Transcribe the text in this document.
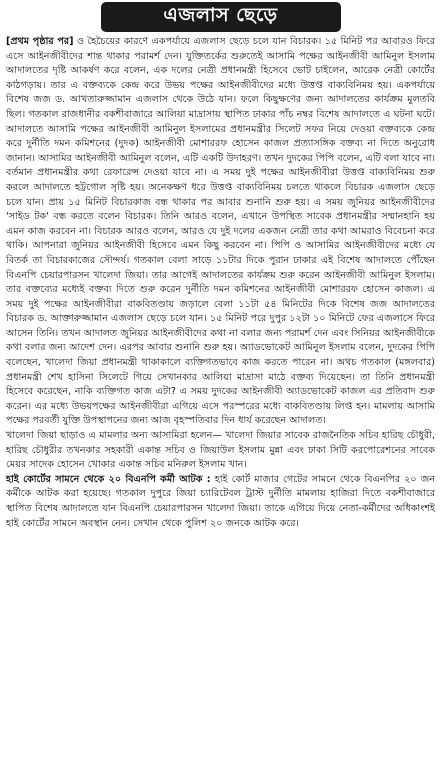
এজলাস ছেড়ে

[প্রথম পৃষ্ঠার পর] ও হৈচৈয়ের কারণে একপর্যায়ে এজলাস ছেড়ে চলে যান বিচারক। ১৫ মিনিট পর আবারও ফিরে এসে আইনজীবীদের শান্ত থাকার পরামর্শ দেন। যুক্তিতর্কের শুরুতেই আসামি পক্ষের আইনজীবী আমিনুল ইসলাম আদালতের দৃষ্টি আকর্ষণ করে বলেন, এক দলের নেত্রী প্রধানমন্ত্রী হিসেবে ভোট চাইলেন, আরেক নেত্রী কোর্টের কাঠগড়ায়। তার এ বক্তব্যকে কেন্দ্র করে উভয় পক্ষের আইনজীবীদের মধ্যে উত্তপ্ত বাক্যবিনিময় হয়। একপর্যায়ে বিশেষ জজ ড. আখতারুজ্জামান এজলাস থেকে উঠে যান। ফলে কিছুক্ষণের জন্য আদালতের কার্যক্রম মুলতবি ছিল। গতকাল রাজধানীর বকশীবাজারে আলিয়া মাদ্রাসায় স্থাপিত ঢাকার পাঁচ নম্বর বিশেষ আদালতে এ ঘটনা ঘটে। আদালতে আসামি পক্ষের আইনজীবী আমিনুল ইসলামের প্রধানমন্ত্রীর সিলেট সফর নিয়ে দেওয়া বক্তব্যকে কেন্দ্র করে দুর্নীতি দমন কমিশনের (দুদক) আইনজীবী মোশাররফ হোসেন কাজল প্রত্যাসঙ্গিক বক্তব্য না দিতে অনুরোধ জানান। আসামির আইনজীবী আমিনুল বলেন, এটি একটি উদাহরণ। তখন দুদকের পিপি বলেন, এটি বলা যাবে না। বর্তমান প্রধানমন্ত্রীর কথা রেফারেন্স দেওয়া যাবে না। এ সময় দুই পক্ষের আইনজীবীরা উত্তপ্ত বাক্যবিনিময় শুরু করলে আদালতে হট্টগোল সৃষ্টি হয়। অনেকক্ষণ ধরে উত্তপ্ত বাক্যবিনিময় চলতে থাকলে বিচারক এজলাস ছেড়ে চলে যান। প্রায় ১৫ মিনিট বিচারকাজ বন্ধ থাকার পর আবার শুনানি শুরু হয়। এ সময় জুনিয়র আইনজীবীদের 'সাইড টক' বন্ধ করতে বলেন বিচারক। তিনি আরও বলেন, এখানে উপস্থিত সাবেক প্রধানমন্ত্রীর সম্মানহানি হয় এমন কাজ করবেন না। বিচারক আরও বলেন, আরও যে দুই দলের একজন নেত্রী তার কথা আমরাও বিবেচনা করে থাকি। আপনারা জুনিয়র আইনজীবী হিসেবে এমন কিছু করবেন না। পিপি ও আসামির আইনজীবীদের মধ্যে যে বিতর্ক তা বিচারকাজের সৌন্দর্য। গতকাল বেলা সাড়ে ১১টার দিকে পুরান ঢাকার এই বিশেষ আদালতে পৌঁছেন বিএনপি চেয়ারপারসন খালেদা জিয়া। তার আগেই আদালতের কার্যক্রম শুরু করেন আইনজীবী আমিনুল ইসলাম। তার বক্তব্যের মধ্যেই বক্তব্য দিতে শুরু করেন দুর্নীতি দমন কমিশনের আইনজীবী মোশাররফ হোসেন কাজল। এ সময় দুই পক্ষের আইনজীবীরা বাকবিতণ্ডায় জড়ালে বেলা ১১টা ৫৪ মিনিটের দিকে বিশেষ জজ আদালতের বিচারক ড. আক্তারুজ্জামান এজলাস ছেড়ে চলে যান। ১৫ মিনিট পরে দুপুর ১২টা ১০ মিনিটে ফের এজলাসে ফিরে আসেন তিনি। তখন আদালত জুনিয়র আইনজীবীদের কথা না বলার জন্য পরামর্শ দেন এবং সিনিয়র আইনজীবীকে কথা বলার জন্য আদেশ দেন। এরপর আবার শুনানি শুরু হয়। অ্যাডভোকেট আমিনুল ইসলাম বলেন, দুদকের পিপি বলেছেন, খালেদা জিয়া প্রধানমন্ত্রী থাকাকালে ব্যক্তিগতভাবে কাজ করতে পারেন না। অথচ গতকাল (মঙ্গলবার) প্রধানমন্ত্রী শেখ হাসিনা সিলেটে গিয়ে সেখানকার আলিয়া মাদ্রাসা মাঠে বক্তব্য দিয়েছেন। তা তিনি প্রধানমন্ত্রী হিসেবে করেছেন, নাকি ব্যক্তিগত কাজ এটা? এ সময় দুদকের আইনজীবী অ্যাডভোকেট কাজল এর প্রতিবাদ শুরু করেন। এর মধ্যে উভয়পক্ষের আইনজীবীরা এগিয়ে এসে পরস্পরের মধ্যে বাকবিতণ্ডায় লিপ্ত হন। মামলায় আসামি পক্ষের পরবর্তী যুক্তি উপস্থাপনের জন্য আজ বৃহস্পতিবার দিন ধার্য করেছেন আদালত।

খালেদা জিয়া ছাড়াও এ মামলার অন্য আসামিরা হলেন— খালেদা জিয়ার সাবেক রাজনৈতিক সচিব হারিছ চৌধুরী, হারিছ চৌধুরীর তখনকার সহকারী একান্ত সচিব ও জিয়াউল ইসলাম মুন্না এবং ঢাকা সিটি করপোরেশনের সাবেক মেয়র সাদেক হোসেন খোকার একান্ত সচিব মনিরুল ইসলাম খান।

হাই কোর্টের সামনে থেকে ২০ বিএনপি কর্মী আটক : হাই কোর্ট মাজার গেটের সামনে থেকে বিএনপির ২০ জন কর্মীকে আটক করা হয়েছে। গতকাল দুপুরে জিয়া চ্যারিটেবল ট্রাস্ট দুর্নীতি মামলায় হাজিরা দিতে বকশীবাজারে স্থাপিত বিশেষ আদালতে যান বিএনপি চেয়ারপারসন খালেদা জিয়া। তাকে এগিয়ে দিয়ে নেতা-কর্মীদের অধিকাংশই হাই কোর্টের সামনে অবস্থান নেন। সেখান থেকে পুলিশ ২০ জনকে আটক করে।
